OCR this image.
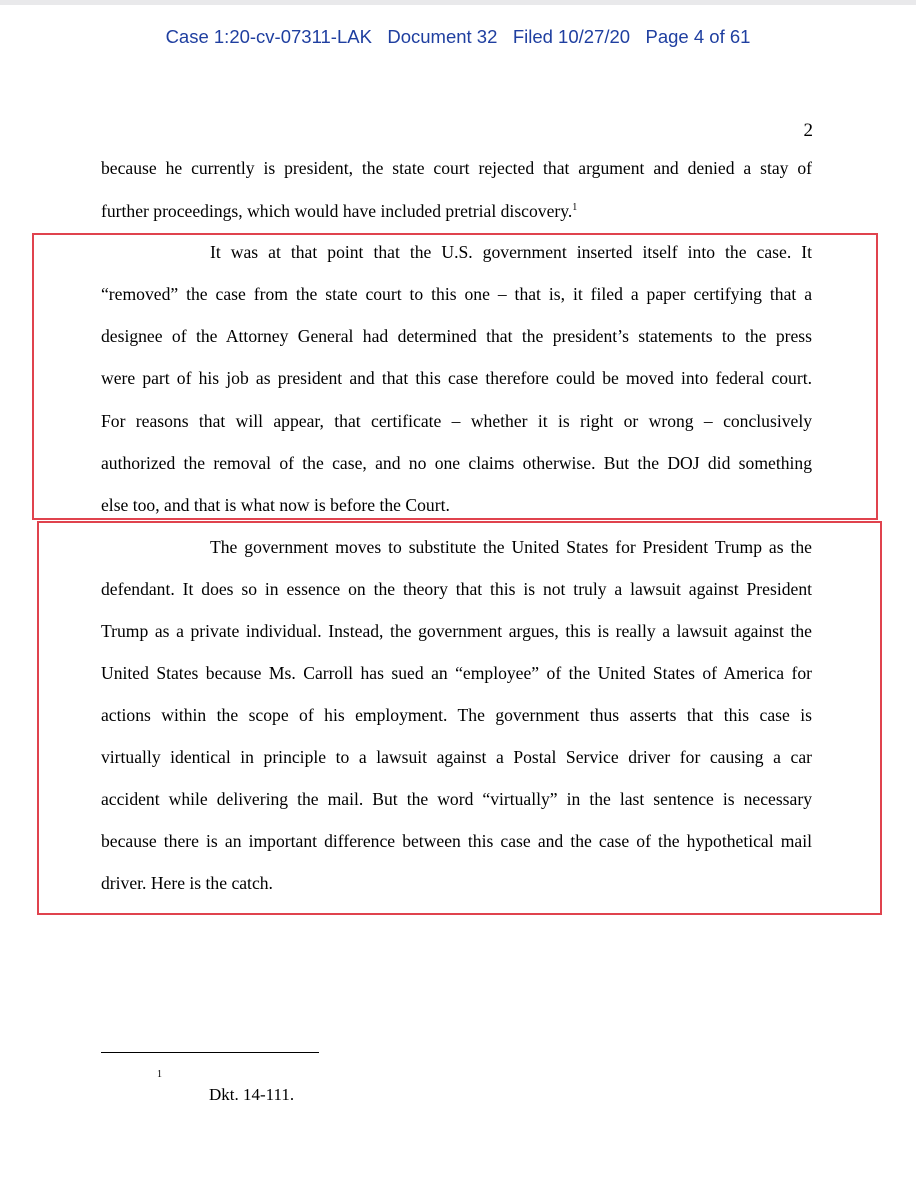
Case 1:20-cv-07311-LAK Document 32 Filed 10/27/20 Page 4 of 61
2
because he currently is president, the state court rejected that argument and denied a stay of
further proceedings, which would have included pretrial discovery.$^1$
It was at that point that the U.S. government inserted itself into the case. It
“removed” the case from the state court to this one – that is, it filed a paper certifying that a
designee of the Attorney General had determined that the president’s statements to the press
were part of his job as president and that this case therefore could be moved into federal court.
For reasons that will appear, that certificate – whether it is right or wrong – conclusively
authorized the removal of the case, and no one claims otherwise. But the DOJ did something
else too, and that is what now is before the Court.
The government moves to substitute the United States for President Trump as the
defendant. It does so in essence on the theory that this is not truly a lawsuit against President
Trump as a private individual. Instead, the government argues, this is really a lawsuit against the
United States because Ms. Carroll has sued an “employee” of the United States of America for
actions within the scope of his employment. The government thus asserts that this case is
virtually identical in principle to a lawsuit against a Postal Service driver for causing a car
accident while delivering the mail. But the word “virtually” in the last sentence is necessary
because there is an important difference between this case and the case of the hypothetical mail
driver. Here is the catch.
1
Dkt. 14-111.
